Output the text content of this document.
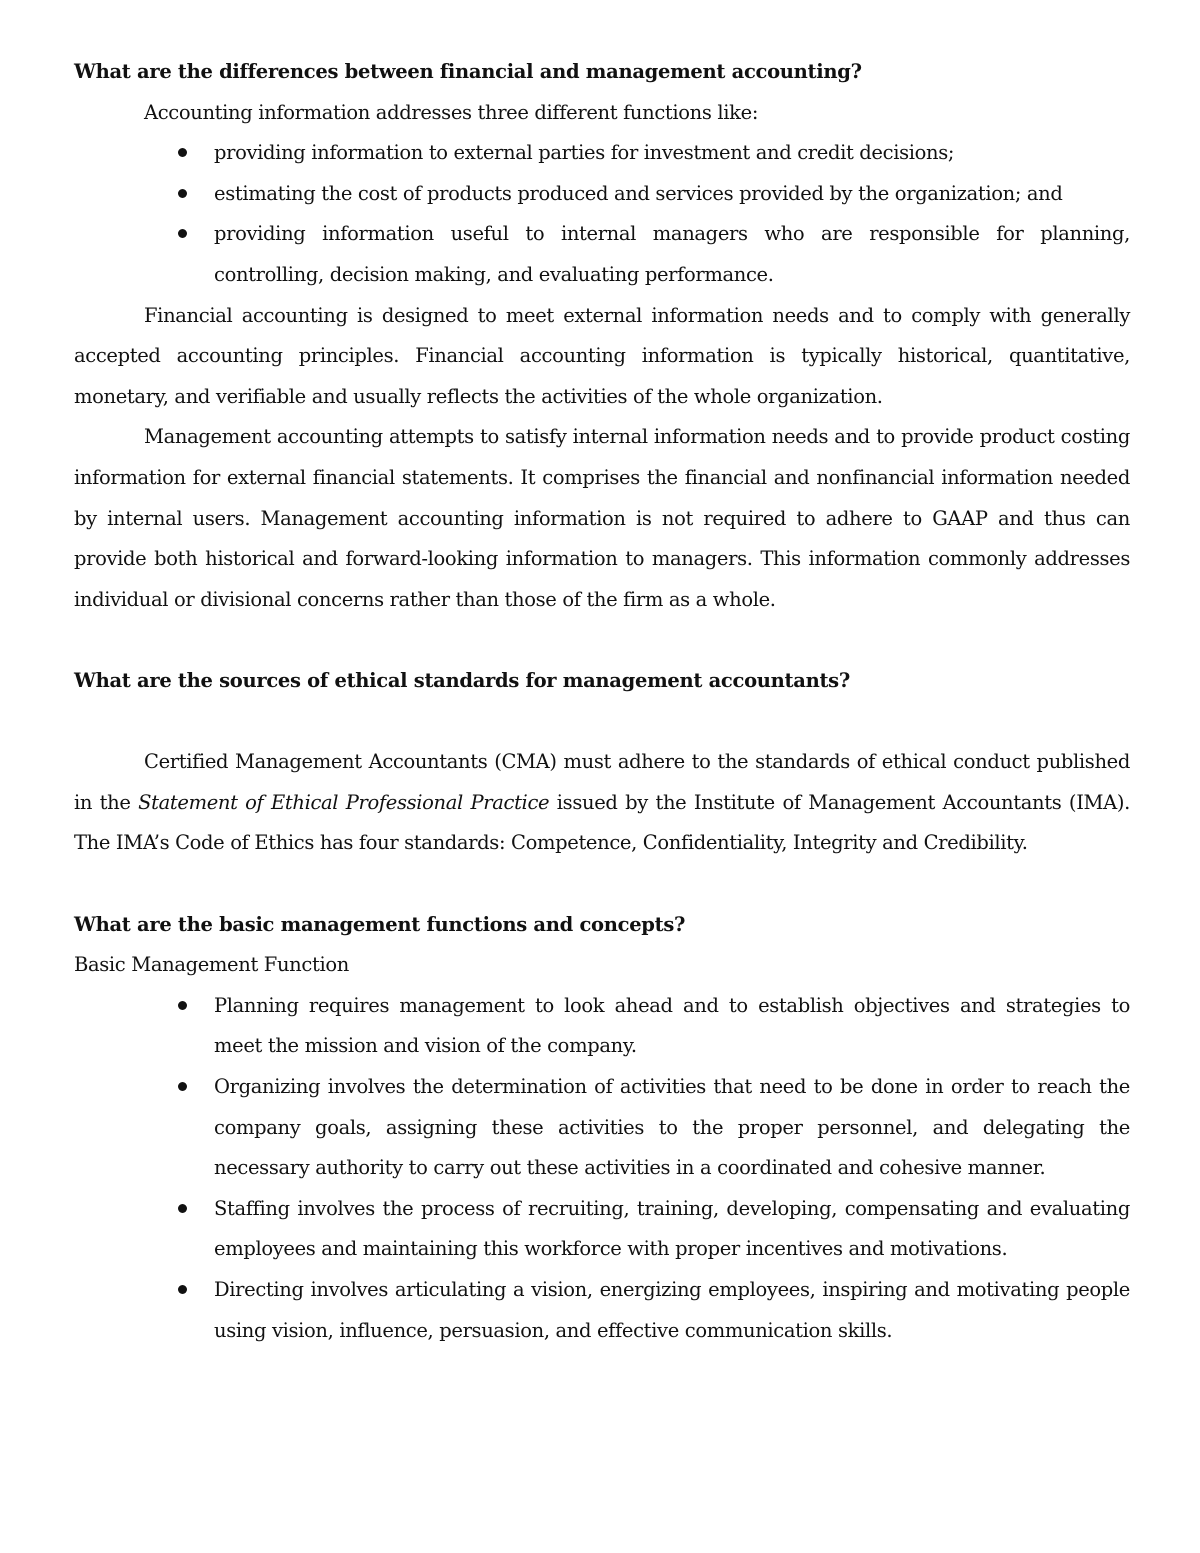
What are the differences between financial and management accounting?

Accounting information addresses three different functions like:

providing information to external parties for investment and credit decisions;
estimating the cost of products produced and services provided by the organization; and
providing information useful to internal managers who are responsible for planning, controlling, decision making, and evaluating performance.

Financial accounting is designed to meet external information needs and to comply with generally accepted accounting principles. Financial accounting information is typically historical, quantitative, monetary, and verifiable and usually reflects the activities of the whole organization.

Management accounting attempts to satisfy internal information needs and to provide product costing information for external financial statements. It comprises the financial and nonfinancial information needed by internal users. Management accounting information is not required to adhere to GAAP and thus can provide both historical and forward-looking information to managers. This information commonly addresses individual or divisional concerns rather than those of the firm as a whole.

What are the sources of ethical standards for management accountants?

Certified Management Accountants (CMA) must adhere to the standards of ethical conduct published in the Statement of Ethical Professional Practice issued by the Institute of Management Accountants (IMA). The IMA’s Code of Ethics has four standards: Competence, Confidentiality, Integrity and Credibility.

What are the basic management functions and concepts?

Basic Management Function

Planning requires management to look ahead and to establish objectives and strategies to meet the mission and vision of the company.
Organizing involves the determination of activities that need to be done in order to reach the company goals, assigning these activities to the proper personnel, and delegating the necessary authority to carry out these activities in a coordinated and cohesive manner.
Staffing involves the process of recruiting, training, developing, compensating and evaluating employees and maintaining this workforce with proper incentives and motivations.
Directing involves articulating a vision, energizing employees, inspiring and motivating people using vision, influence, persuasion, and effective communication skills.
